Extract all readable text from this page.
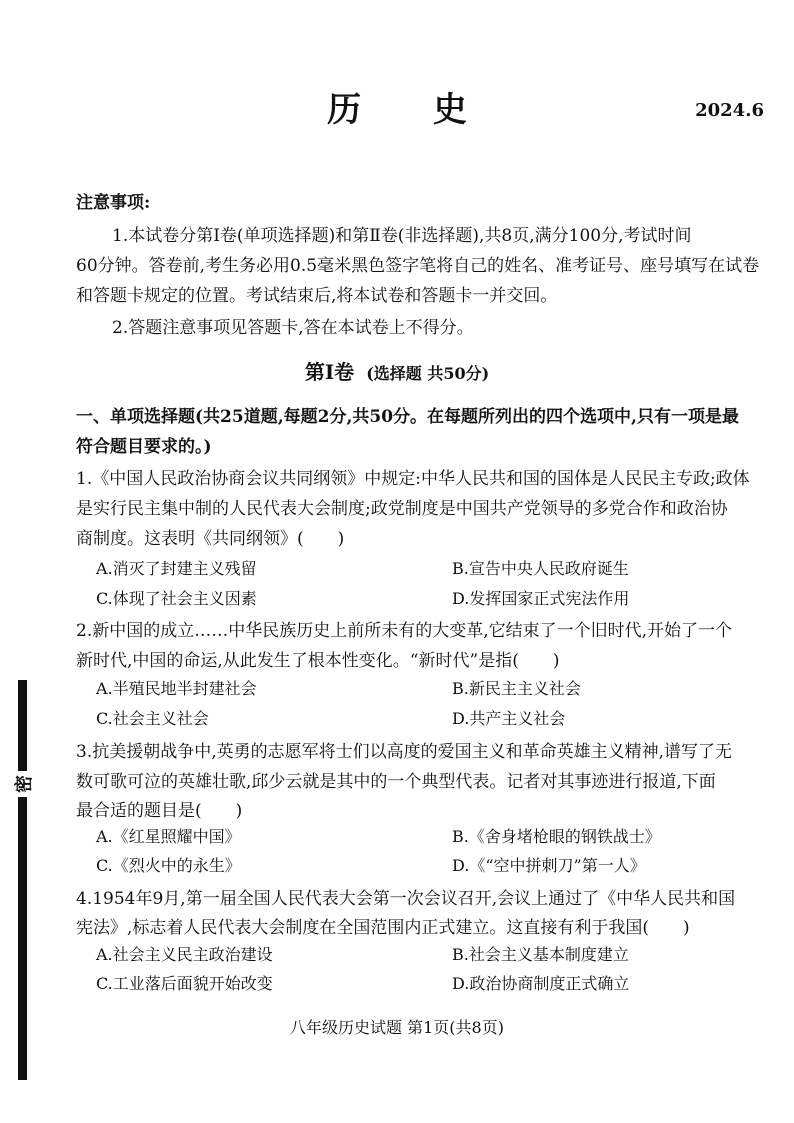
历 史	2024.6
注意事项:
1.本试卷分第Ⅰ卷(单项选择题)和第Ⅱ卷(非选择题),共8页,满分100分,考试时间
60分钟。答卷前,考生务必用0.5毫米黑色签字笔将自己的姓名、准考证号、座号填写在试卷
和答题卡规定的位置。考试结束后,将本试卷和答题卡一并交回。
2.答题注意事项见答题卡,答在本试卷上不得分。
第Ⅰ卷 (选择题 共50分)
一、单项选择题(共25道题,每题2分,共50分。在每题所列出的四个选项中,只有一项是最
符合题目要求的。)
1.《中国人民政治协商会议共同纲领》中规定:中华人民共和国的国体是人民民主专政;政体
是实行民主集中制的人民代表大会制度;政党制度是中国共产党领导的多党合作和政治协
商制度。这表明《共同纲领》(　　)
A.消灭了封建主义残留	B.宣告中央人民政府诞生
C.体现了社会主义因素	D.发挥国家正式宪法作用
2.新中国的成立……中华民族历史上前所未有的大变革,它结束了一个旧时代,开始了一个
新时代,中国的命运,从此发生了根本性变化。“新时代”是指(　　)
A.半殖民地半封建社会	B.新民主主义社会
C.社会主义社会	D.共产主义社会
3.抗美援朝战争中,英勇的志愿军将士们以高度的爱国主义和革命英雄主义精神,谱写了无
数可歌可泣的英雄壮歌,邱少云就是其中的一个典型代表。记者对其事迹进行报道,下面
最合适的题目是(　　)
A.《红星照耀中国》	B.《舍身堵枪眼的钢铁战士》
C.《烈火中的永生》	D.《“空中拼刺刀”第一人》
4.1954年9月,第一届全国人民代表大会第一次会议召开,会议上通过了《中华人民共和国
宪法》,标志着人民代表大会制度在全国范围内正式建立。这直接有利于我国(　　)
A.社会主义民主政治建设	B.社会主义基本制度建立
C.工业落后面貌开始改变	D.政治协商制度正式确立
八年级历史试题 第1页(共8页)
密
